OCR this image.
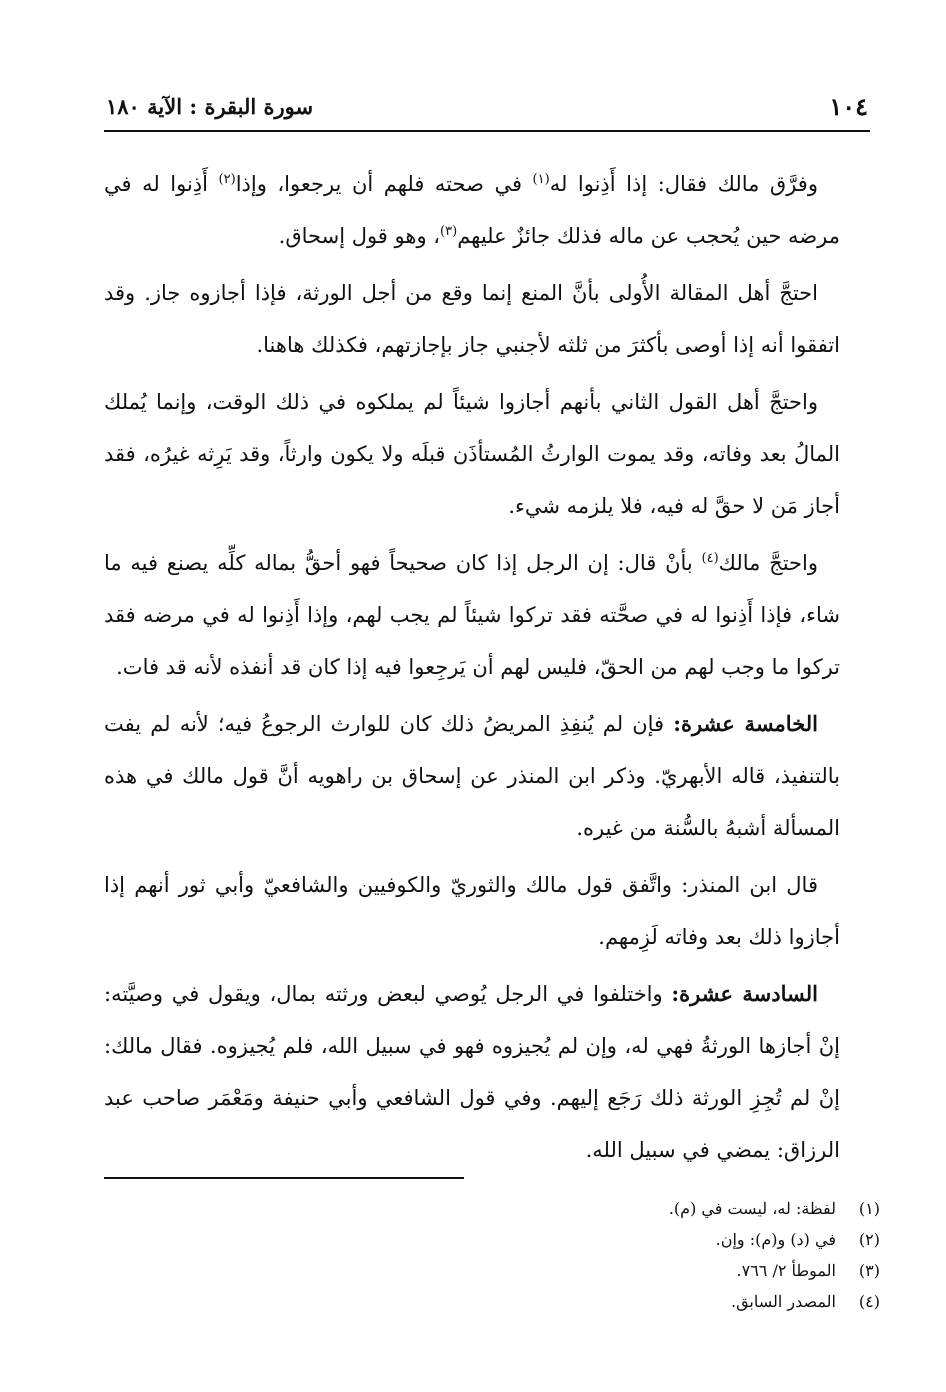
١٠٤
سورة البقرة : الآية ١٨٠

وفرَّق مالك فقال: إذا أَذِنوا له$^{(١)}$ في صحته فلهم أن يرجعوا، وإذا$^{(٢)}$ أَذِنوا له في مرضه حين يُحجب عن ماله فذلك جائزٌ عليهم$^{(٣)}$، وهو قول إسحاق.

احتجَّ أهل المقالة الأُولى بأنَّ المنع إنما وقع من أجل الورثة، فإذا أجازوه جاز. وقد اتفقوا أنه إذا أوصى بأكثرَ من ثلثه لأجنبي جاز بإجازتهم، فكذلك هاهنا.

واحتجَّ أهل القول الثاني بأنهم أجازوا شيئاً لم يملكوه في ذلك الوقت، وإنما يُملك المالُ بعد وفاته، وقد يموت الوارثُ المُستأذَن قبلَه ولا يكون وارثاً، وقد يَرِثه غيرُه، فقد أجاز مَن لا حقَّ له فيه، فلا يلزمه شيء.

واحتجَّ مالك$^{(٤)}$ بأنْ قال: إن الرجل إذا كان صحيحاً فهو أحقُّ بماله كلِّه يصنع فيه ما شاء، فإذا أَذِنوا له في صحَّته فقد تركوا شيئاً لم يجب لهم، وإذا أَذِنوا له في مرضه فقد تركوا ما وجب لهم من الحقّ، فليس لهم أن يَرجِعوا فيه إذا كان قد أنفذه لأنه قد فات.

الخامسة عشرة: فإن لم يُنفِذِ المريضُ ذلك كان للوارث الرجوعُ فيه؛ لأنه لم يفت بالتنفيذ، قاله الأبهريّ. وذكر ابن المنذر عن إسحاق بن راهويه أنَّ قول مالك في هذه المسألة أشبهُ بالسُّنة من غيره.

قال ابن المنذر: واتَّفق قول مالك والثوريّ والكوفيين والشافعيّ وأبي ثور أنهم إذا أجازوا ذلك بعد وفاته لَزِمهم.

السادسة عشرة: واختلفوا في الرجل يُوصي لبعض ورثته بمال، ويقول في وصيَّته: إنْ أجازها الورثةُ فهي له، وإن لم يُجيزوه فهو في سبيل الله، فلم يُجيزوه. فقال مالك: إنْ لم تُجِزِ الورثة ذلك رَجَع إليهم. وفي قول الشافعي وأبي حنيفة ومَعْمَر صاحب عبد الرزاق: يمضي في سبيل الله.

(١)
لفظة: له، ليست في (م).
(٢)
في (د) و(م): وإن.
(٣)
الموطأ ٢/ ٧٦٦.
(٤)
المصدر السابق.
